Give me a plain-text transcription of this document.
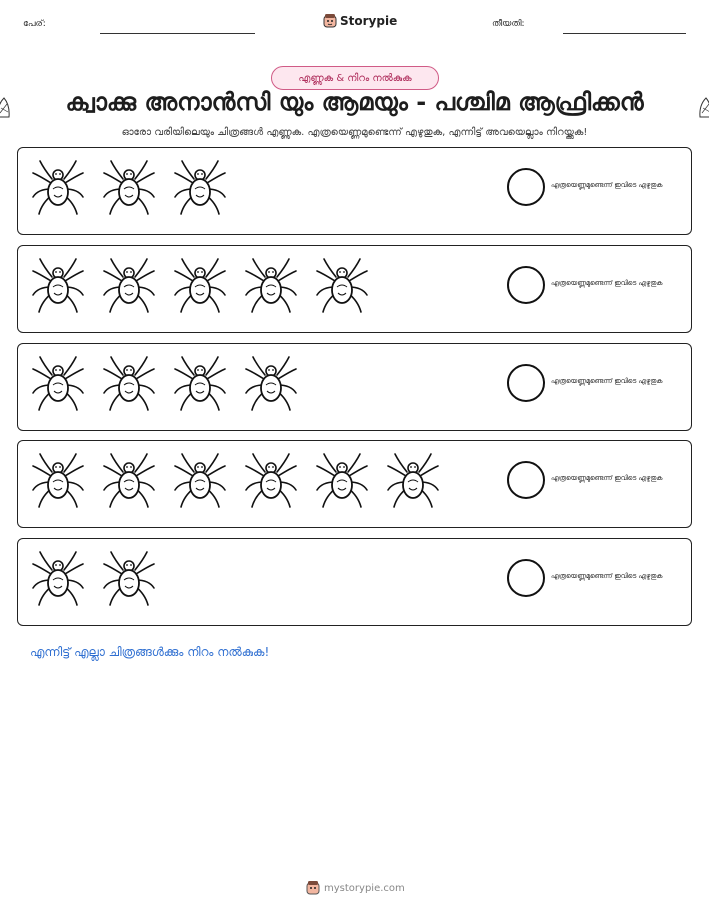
പേര്:	Storypie	തീയതി:
എണ്ണുക & നിറം നൽകുക
ക്വാക്കു അനാൻസി യും ആമയും - പശ്ചിമ ആഫ്രിക്കൻ
ഓരോ വരിയിലെയും ചിത്രങ്ങൾ എണ്ണുക. എത്രയെണ്ണമുണ്ടെന്ന് എഴുതുക, എന്നിട്ട് അവയെല്ലാം നിറയ്ക്കുക!
എത്രയെണ്ണമുണ്ടെന്ന് ഇവിടെ എഴുതുക
എത്രയെണ്ണമുണ്ടെന്ന് ഇവിടെ എഴുതുക
എത്രയെണ്ണമുണ്ടെന്ന് ഇവിടെ എഴുതുക
എത്രയെണ്ണമുണ്ടെന്ന് ഇവിടെ എഴുതുക
എത്രയെണ്ണമുണ്ടെന്ന് ഇവിടെ എഴുതുക
എന്നിട്ട് എല്ലാ ചിത്രങ്ങൾക്കും നിറം നൽകുക!
mystorypie.com
